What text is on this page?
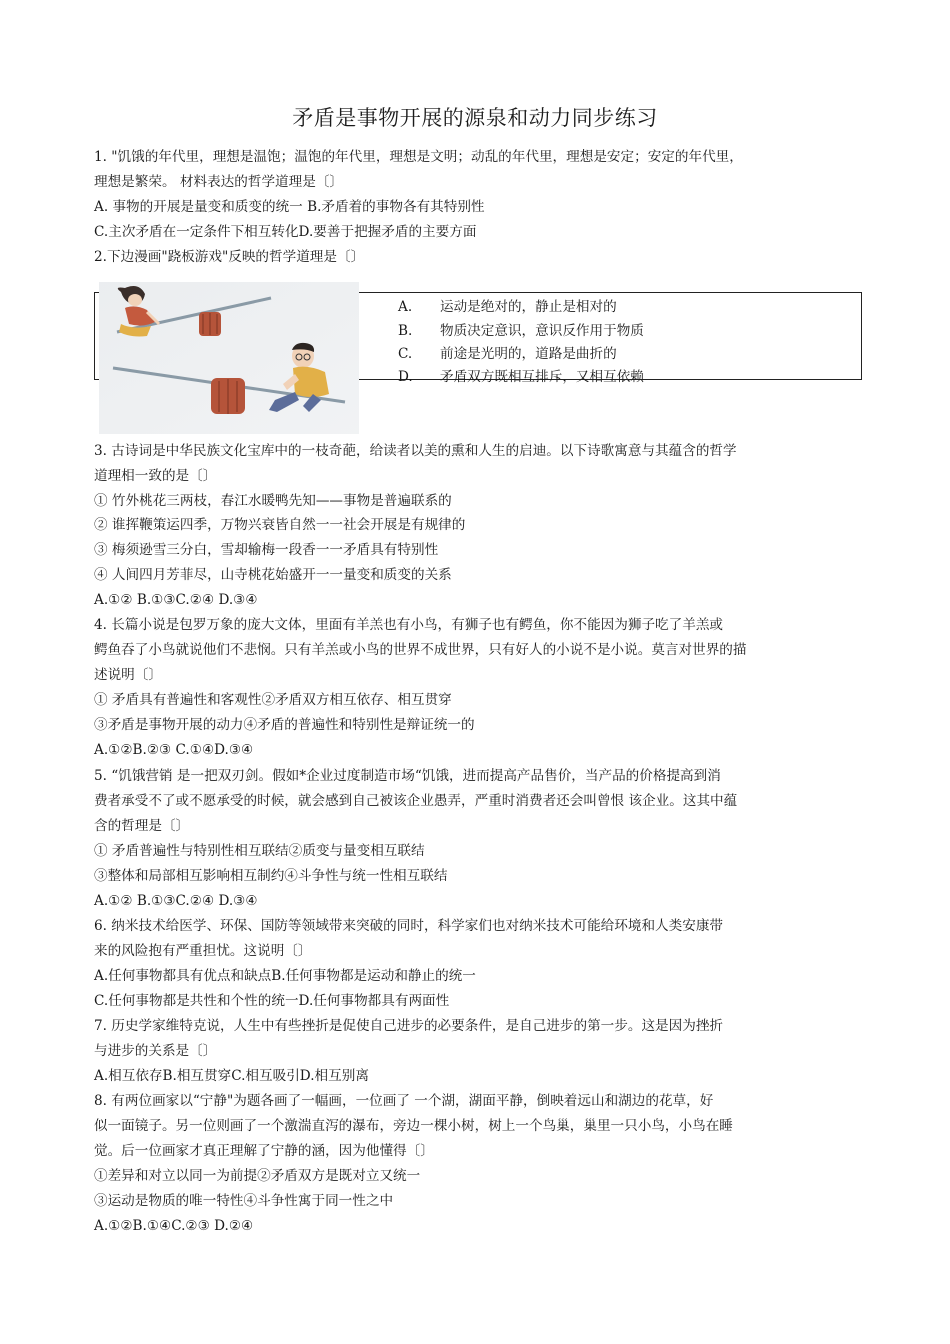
矛盾是事物开展的源泉和动力同步练习
1. "饥饿的年代里，理想是温饱；温饱的年代里，理想是文明；动乱的年代里，理想是安定；安定的年代里，
理想是繁荣。 材料表达的哲学道理是〔〕
A. 事物的开展是量变和质变的统一 B.矛盾着的事物各有其特别性
C.主次矛盾在一定条件下相互转化D.要善于把握矛盾的主要方面
2.下边漫画"跷板游戏"反映的哲学道理是〔〕
A. 运动是绝对的，静止是相对的
B. 物质决定意识，意识反作用于物质
C. 前途是光明的，道路是曲折的
D. 矛盾双方既相互排斥，又相互依赖
3. 古诗词是中华民族文化宝库中的一枝奇葩，给读者以美的熏和人生的启迪。以下诗歌寓意与其蕴含的哲学
道理相一致的是〔〕
① 竹外桃花三两枝，春江水暖鸭先知——事物是普遍联系的
② 谁挥鞭策运四季，万物兴衰皆自然一一社会开展是有规律的
③ 梅须逊雪三分白，雪却输梅一段香一一矛盾具有特别性
④ 人间四月芳菲尽，山寺桃花始盛开一一量变和质变的关系
A.①② B.①③C.②④ D.③④
4. 长篇小说是包罗万象的庞大文体，里面有羊羔也有小鸟，有狮子也有鳄鱼，你不能因为狮子吃了羊羔或
鳄鱼吞了小鸟就说他们不悲悯。只有羊羔或小鸟的世界不成世界，只有好人的小说不是小说。莫言对世界的描
述说明〔〕
① 矛盾具有普遍性和客观性②矛盾双方相互依存、相互贯穿
③矛盾是事物开展的动力④矛盾的普遍性和特别性是辩证统一的
A.①②B.②③ C.①④D.③④
5. “饥饿营销 是一把双刃剑。假如*企业过度制造市场“饥饿，进而提高产品售价，当产品的价格提高到消
费者承受不了或不愿承受的时候，就会感到自己被该企业愚弄，严重时消费者还会叫曾恨 该企业。这其中蕴
含的哲理是〔〕
① 矛盾普遍性与特别性相互联结②质变与量变相互联结
③整体和局部相互影响相互制约④斗争性与统一性相互联结
A.①② B.①③C.②④ D.③④
6. 纳米技术给医学、环保、国防等领域带来突破的同时，科学家们也对纳米技术可能给环境和人类安康带
来的风险抱有严重担忧。这说明〔〕
A.任何事物都具有优点和缺点B.任何事物都是运动和静止的统一
C.任何事物都是共性和个性的统一D.任何事物都具有两面性
7. 历史学家维特克说，人生中有些挫折是促使自己进步的必要条件，是自己进步的第一步。这是因为挫折
与进步的关系是〔〕
A.相互依存B.相互贯穿C.相互吸引D.相互别离
8. 有两位画家以“宁静"为题各画了一幅画，一位画了 一个湖，湖面平静，倒映着远山和湖边的花草，好
似一面镜子。另一位则画了一个激湍直泻的瀑布，旁边一棵小树，树上一个鸟巢，巢里一只小鸟，小鸟在睡
觉。后一位画家才真正理解了宁静的涵，因为他懂得〔〕
①差异和对立以同一为前提②矛盾双方是既对立又统一
③运动是物质的唯一特性④斗争性寓于同一性之中
A.①②B.①④C.②③ D.②④
